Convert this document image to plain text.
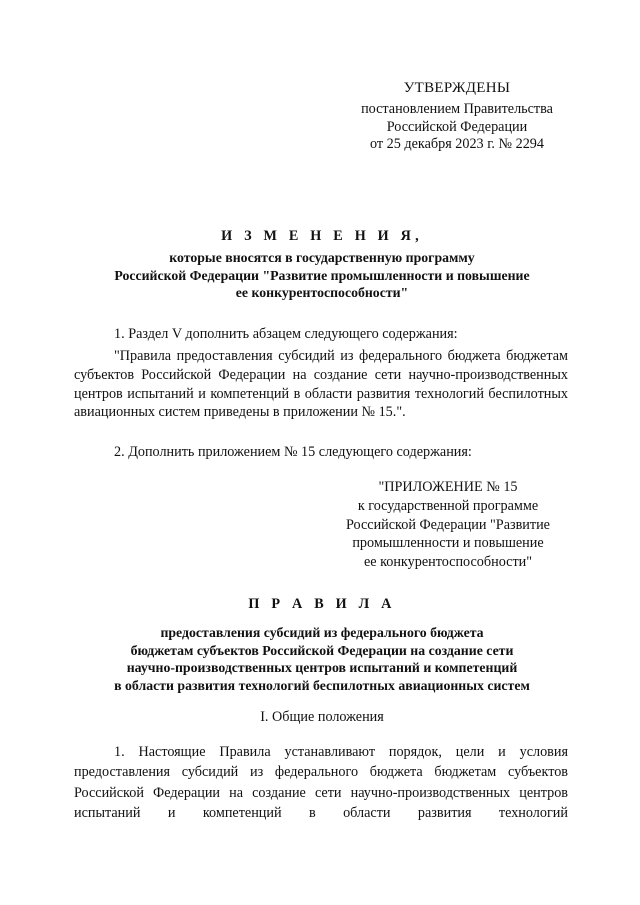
УТВЕРЖДЕНЫ
постановлением Правительства
Российской Федерации
от 25 декабря 2023 г. № 2294
И З М Е Н Е Н И Я,
которые вносятся в государственную программу
Российской Федерации "Развитие промышленности и повышение
ее конкурентоспособности"
1. Раздел V дополнить абзацем следующего содержания:
"Правила предоставления субсидий из федерального бюджета бюджетам субъектов Российской Федерации на создание сети научно-производственных центров испытаний и компетенций в области развития технологий беспилотных авиационных систем приведены в приложении № 15.".
2. Дополнить приложением № 15 следующего содержания:
"ПРИЛОЖЕНИЕ № 15
к государственной программе
Российской Федерации "Развитие
промышленности и повышение
ее конкурентоспособности"
П Р А В И Л А
предоставления субсидий из федерального бюджета
бюджетам субъектов Российской Федерации на создание сети
научно-производственных центров испытаний и компетенций
в области развития технологий беспилотных авиационных систем
I. Общие положения
1. Настоящие Правила устанавливают порядок, цели и условия предоставления субсидий из федерального бюджета бюджетам субъектов Российской Федерации на создание сети научно-производственных центров испытаний и компетенций в области развития технологий
